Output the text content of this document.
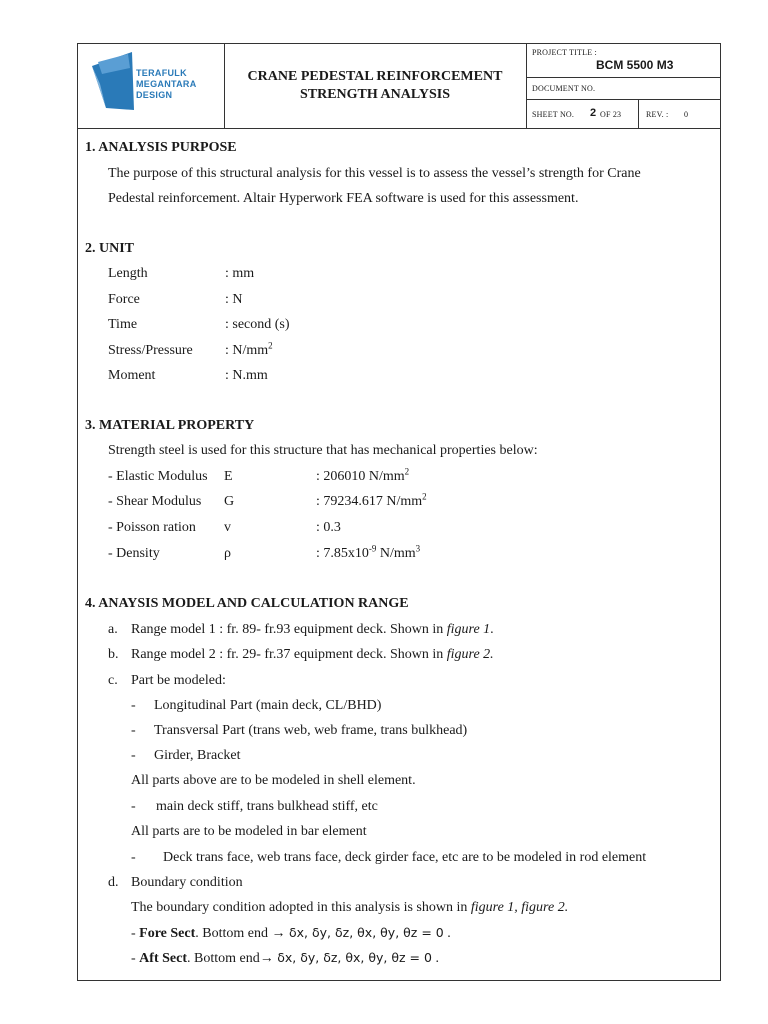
TERAFULK
MEGANTARA
DESIGN
CRANE PEDESTAL REINFORCEMENT
STRENGTH ANALYSIS
PROJECT TITLE :
BCM 5500 M3
DOCUMENT NO.
SHEET NO. 2 OF 23	REV. : 0
1. ANALYSIS PURPOSE
The purpose of this structural analysis for this vessel is to assess the vessel’s strength for Crane
Pedestal reinforcement. Altair Hyperwork FEA software is used for this assessment.
2. UNIT
Length	: mm
Force	: N
Time	: second (s)
Stress/Pressure : $N/mm^2$
Moment	: N.mm
3. MATERIAL PROPERTY
Strength steel is used for this structure that has mechanical properties below:
- Elastic Modulus E	: 206010 $N/mm^2$
- Shear Modulus G	: 79234.617 $N/mm^2$
- Poisson ration v	: 0.3
- Density	ρ	: $7.85x10^{-9}$ $N/mm^3$
4. ANAYSIS MODEL AND CALCULATION RANGE
a. Range model 1 : fr. 89- fr.93 equipment deck. Shown in figure 1.
b. Range model 2 : fr. 29- fr.37 equipment deck. Shown in figure 2.
c. Part be modeled:
- Longitudinal Part (main deck, CL/BHD)
- Transversal Part (trans web, web frame, trans bulkhead)
- Girder, Bracket
All parts above are to be modeled in shell element.
- main deck stiff, trans bulkhead stiff, etc
All parts are to be modeled in bar element
- Deck trans face, web trans face, deck girder face, etc are to be modeled in rod element
d. Boundary condition
The boundary condition adopted in this analysis is shown in figure 1, figure 2.
- Fore Sect. Bottom end → δx, δy, δz, θx, θy, θz = 0 .
- Aft Sect. Bottom end→ δx, δy, δz, θx, θy, θz = 0 .
